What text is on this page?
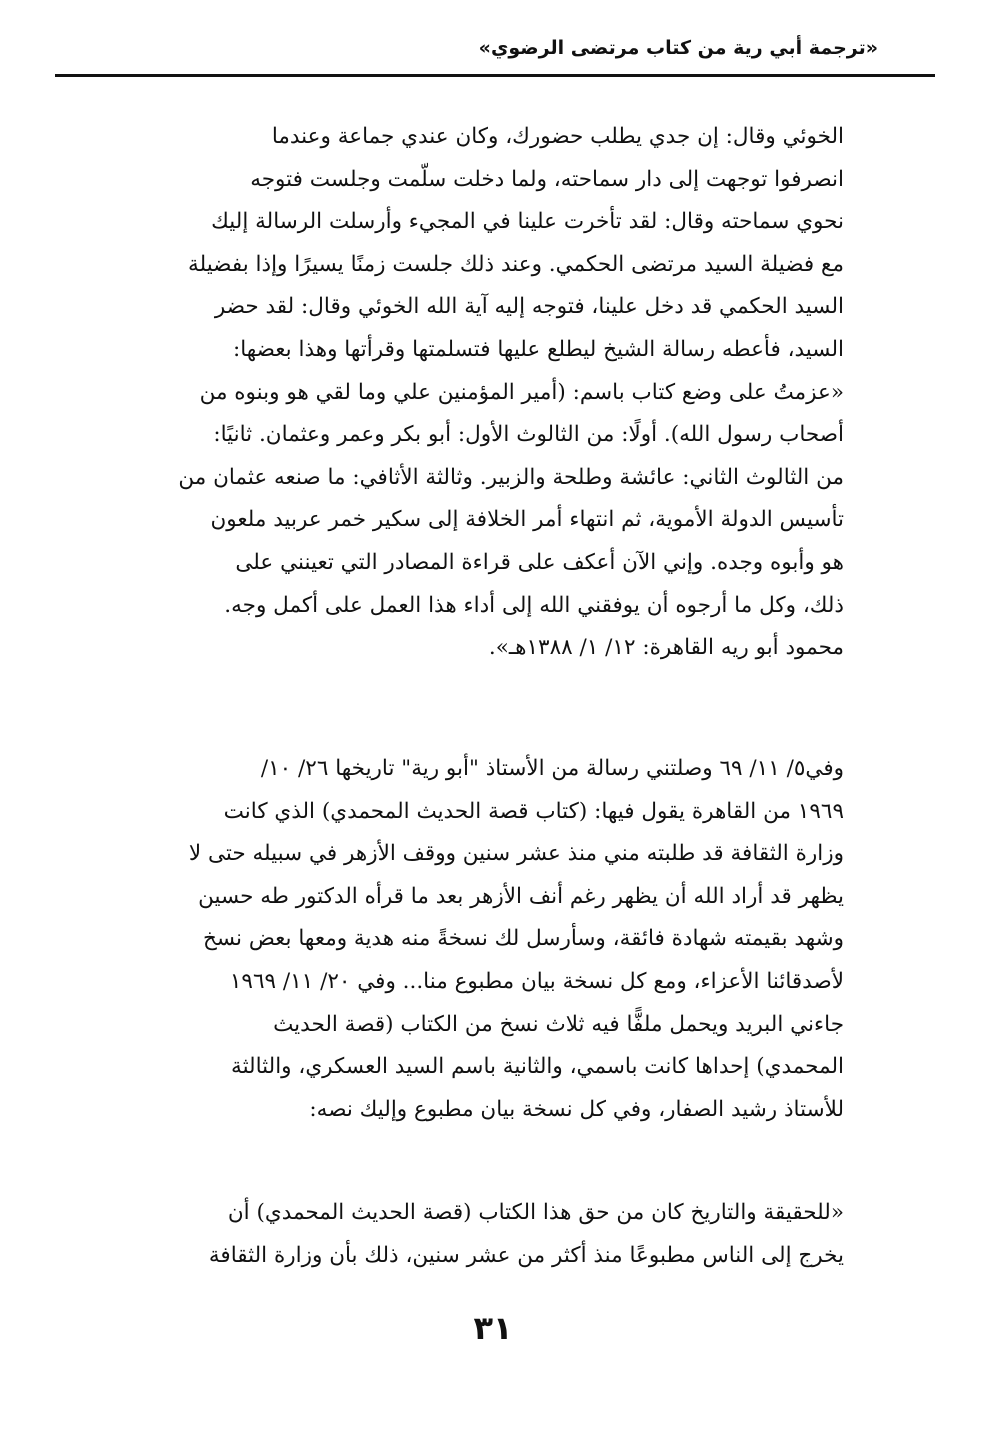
«ترجمة أبي رية من كتاب مرتضى الرضوي»
الخوئي وقال: إن جدي يطلب حضورك، وكان عندي جماعة وعندما
انصرفوا توجهت إلى دار سماحته، ولما دخلت سلّمت وجلست فتوجه
نحوي سماحته وقال: لقد تأخرت علينا في المجيء وأرسلت الرسالة إليك
مع فضيلة السيد مرتضى الحكمي. وعند ذلك جلست زمنًا يسيرًا وإذا بفضيلة
السيد الحكمي قد دخل علينا، فتوجه إليه آية الله الخوئي وقال: لقد حضر
السيد، فأعطه رسالة الشيخ ليطلع عليها فتسلمتها وقرأتها وهذا بعضها:
«عزمتُ على وضع كتاب باسم: (أمير المؤمنين علي وما لقي هو وبنوه من
أصحاب رسول الله). أولًا: من الثالوث الأول: أبو بكر وعمر وعثمان. ثانيًا:
من الثالوث الثاني: عائشة وطلحة والزبير. وثالثة الأثافي: ما صنعه عثمان من
تأسيس الدولة الأموية، ثم انتهاء أمر الخلافة إلى سكير خمر عربيد ملعون
هو وأبوه وجده. وإني الآن أعكف على قراءة المصادر التي تعينني على
ذلك، وكل ما أرجوه أن يوفقني الله إلى أداء هذا العمل على أكمل وجه.
محمود أبو ريه القاهرة: ١٢/ ١/ ١٣٨٨هـ».
وفي٥/ ١١/ ٦٩ وصلتني رسالة من الأستاذ "أبو رية" تاريخها ٢٦/ ١٠/
١٩٦٩ من القاهرة يقول فيها: (كتاب قصة الحديث المحمدي) الذي كانت
وزارة الثقافة قد طلبته مني منذ عشر سنين ووقف الأزهر في سبيله حتى لا
يظهر قد أراد الله أن يظهر رغم أنف الأزهر بعد ما قرأه الدكتور طه حسين
وشهد بقيمته شهادة فائقة، وسأرسل لك نسخةً منه هدية ومعها بعض نسخ
لأصدقائنا الأعزاء، ومع كل نسخة بيان مطبوع منا... وفي ٢٠/ ١١/ ١٩٦٩
جاءني البريد ويحمل ملفًّا فيه ثلاث نسخ من الكتاب (قصة الحديث
المحمدي) إحداها كانت باسمي، والثانية باسم السيد العسكري، والثالثة
للأستاذ رشيد الصفار، وفي كل نسخة بيان مطبوع وإليك نصه:
«للحقيقة والتاريخ كان من حق هذا الكتاب (قصة الحديث المحمدي) أن
يخرج إلى الناس مطبوعًا منذ أكثر من عشر سنين، ذلك بأن وزارة الثقافة
٣١
